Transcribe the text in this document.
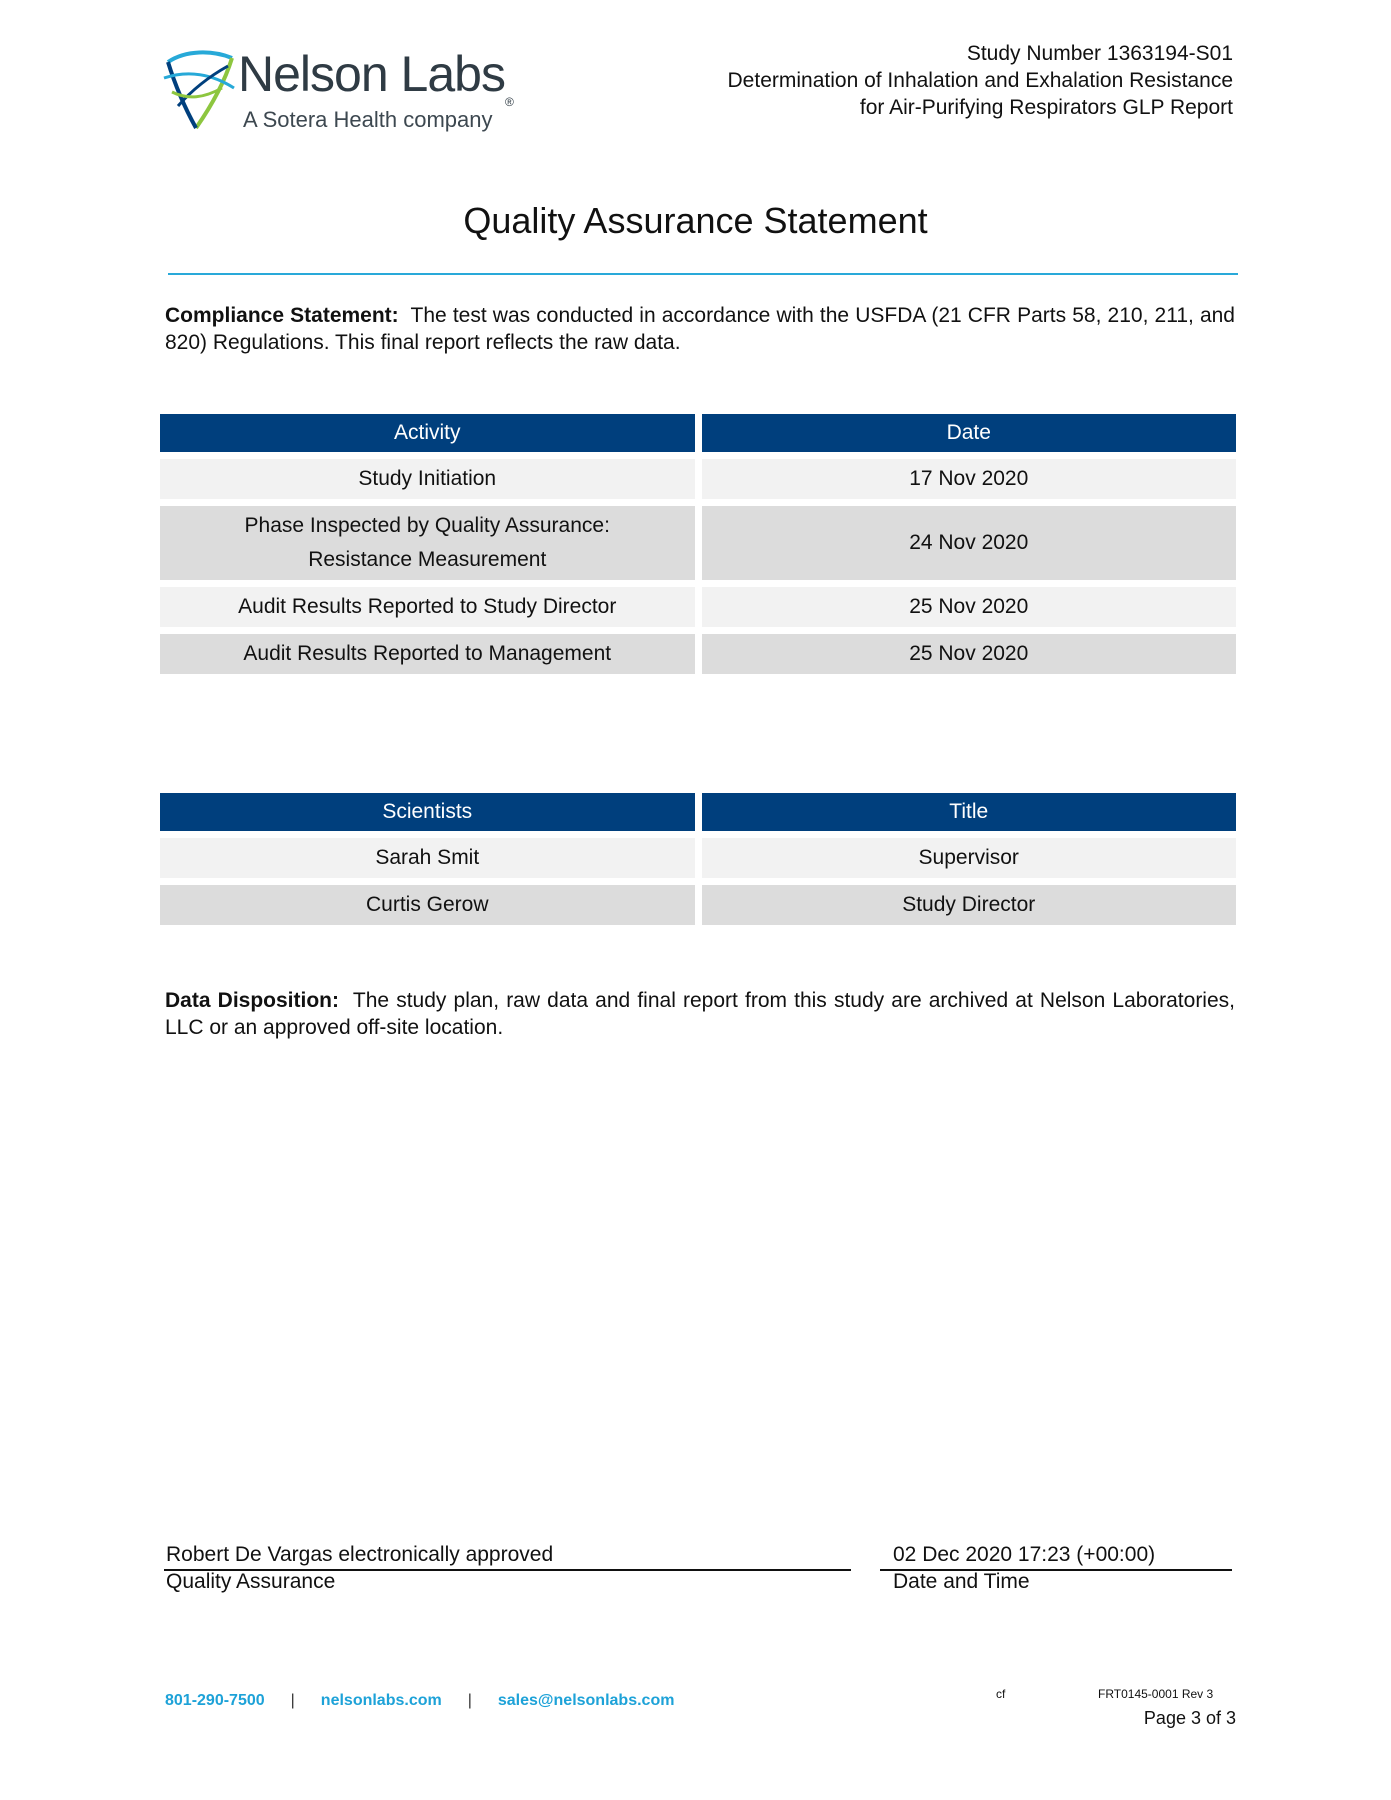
Nelson Labs®
A Sotera Health company
Study Number 1363194-S01
Determination of Inhalation and Exhalation Resistance
for Air-Purifying Respirators GLP Report
Quality Assurance Statement
Compliance Statement: The test was conducted in accordance with the USFDA (21 CFR Parts 58, 210, 211, and 820) Regulations. This final report reflects the raw data.
Activity	Date
Study Initiation	17 Nov 2020

Phase Inspected by Quality Assurance:
Resistance Measurement	24 Nov 2020
Audit Results Reported to Study Director	25 Nov 2020
Audit Results Reported to Management	25 Nov 2020
Scientists	Title
Sarah Smit	Supervisor
Curtis Gerow	Study Director
Data Disposition: The study plan, raw data and final report from this study are archived at Nelson Laboratories, LLC or an approved off-site location.
Robert De Vargas electronically approved
Quality Assurance
02 Dec 2020 17:23 (+00:00)
Date and Time
801-290-7500 | nelsonlabs.com | sales@nelsonlabs.com	cf	FRT0145-0001 Rev 3
Page 3 of 3
